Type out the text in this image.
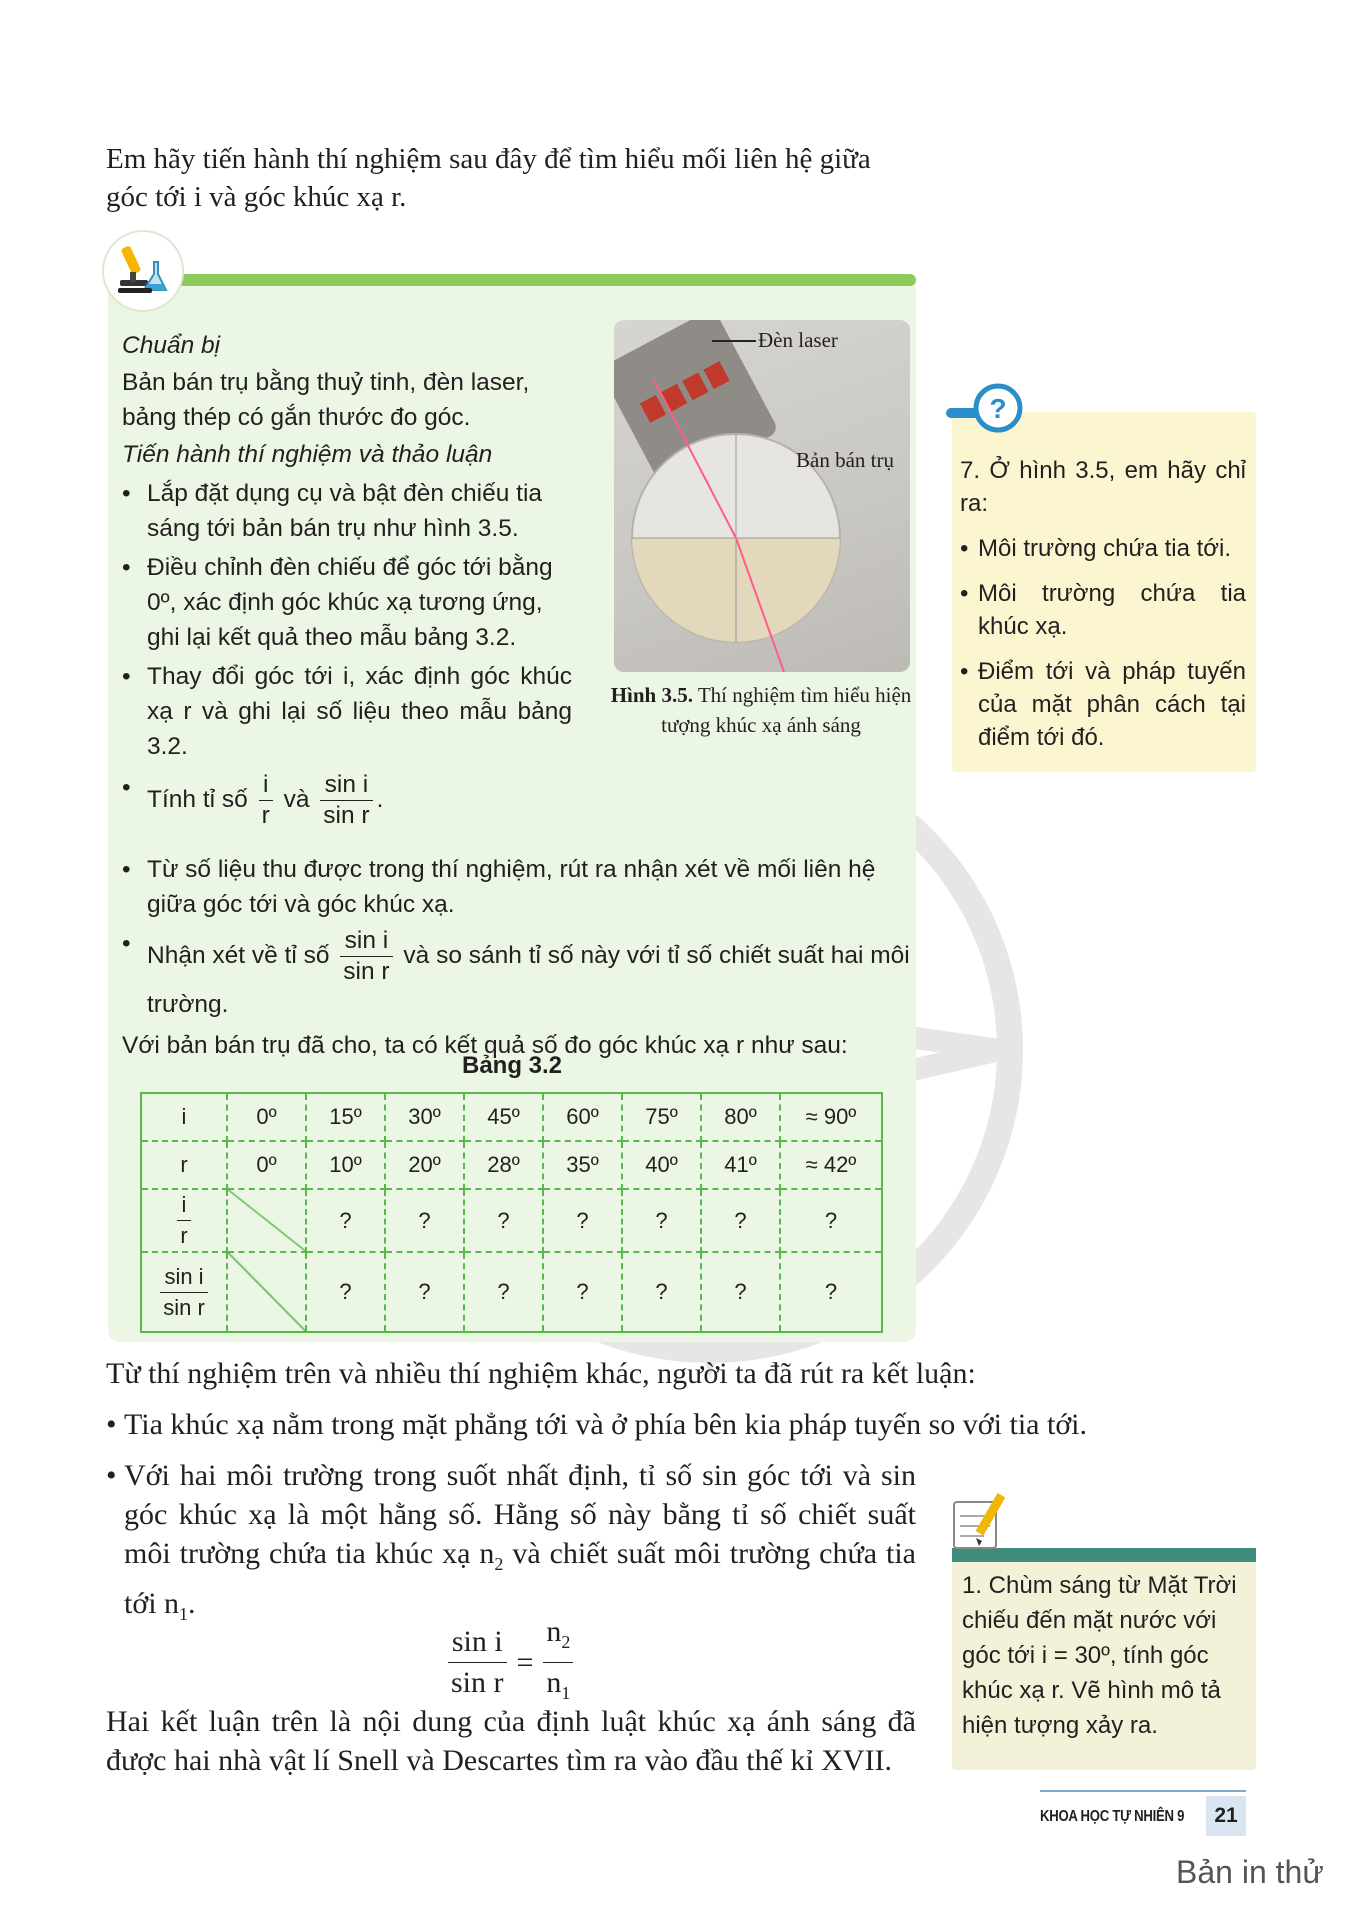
Em hãy tiến hành thí nghiệm sau đây để tìm hiểu mối liên hệ giữa góc tới i và góc khúc xạ r.
Chuẩn bị
Bản bán trụ bằng thuỷ tinh, đèn laser, bảng thép có gắn thước đo góc.
Tiến hành thí nghiệm và thảo luận
• Lắp đặt dụng cụ và bật đèn chiếu tia sáng tới bản bán trụ như hình 3.5.
• Điều chỉnh đèn chiếu để góc tới bằng 0º, xác định góc khúc xạ tương ứng, ghi lại kết quả theo mẫu bảng 3.2.
• Thay đổi góc tới i, xác định góc khúc xạ r và ghi lại số liệu theo mẫu bảng 3.2.
• Tính tỉ số $\frac{i}{r}$ và $\frac{\text{sin i}}{\text{sin r}}$ .
• Từ số liệu thu được trong thí nghiệm, rút ra nhận xét về mối liên hệ giữa góc tới và góc khúc xạ.
• Nhận xét về tỉ số $\frac{\text{sin i}}{\text{sin r}}$ và so sánh tỉ số này với tỉ số chiết suất hai môi trường.
Với bản bán trụ đã cho, ta có kết quả số đo góc khúc xạ r như sau:
Đèn laser
Bản bán trụ
Hình 3.5. Thí nghiệm tìm hiểu hiện tượng khúc xạ ánh sáng
Bảng 3.2
i	0º	15º	30º	45º	60º	75º	80º	≈ 90º
r	0º	10º	20º	28º	35º	40º	41º	≈ 42º

$\frac{i}{r}$		?	?	?	?	?	?	?

$\frac{\text{sin i}}{\text{sin r}}$		?	?	?	?	?	?	?
?
7. Ở hình 3.5, em hãy chỉ ra:
• Môi trường chứa tia tới.
• Môi trường chứa tia khúc xạ.
• Điểm tới và pháp tuyến của mặt phân cách tại điểm tới đó.
Từ thí nghiệm trên và nhiều thí nghiệm khác, người ta đã rút ra kết luận:
• Tia khúc xạ nằm trong mặt phẳng tới và ở phía bên kia pháp tuyến so với tia tới.
• Với hai môi trường trong suốt nhất định, tỉ số sin góc tới và sin góc khúc xạ là một hằng số. Hằng số này bằng tỉ số chiết suất môi trường chứa tia khúc xạ $n_2$ và chiết suất môi trường chứa tia tới $n_1$.
$\frac{\text{sin i}}{\text{sin r}} = \frac{n_2}{n_1}$
Hai kết luận trên là nội dung của định luật khúc xạ ánh sáng đã được hai nhà vật lí Snell và Descartes tìm ra vào đầu thế kỉ XVII.
1. Chùm sáng từ Mặt Trời chiếu đến mặt nước với góc tới i = 30º, tính góc khúc xạ r. Vẽ hình mô tả hiện tượng xảy ra.
KHOA HỌC TỰ NHIÊN 9	21
Bản in thử
